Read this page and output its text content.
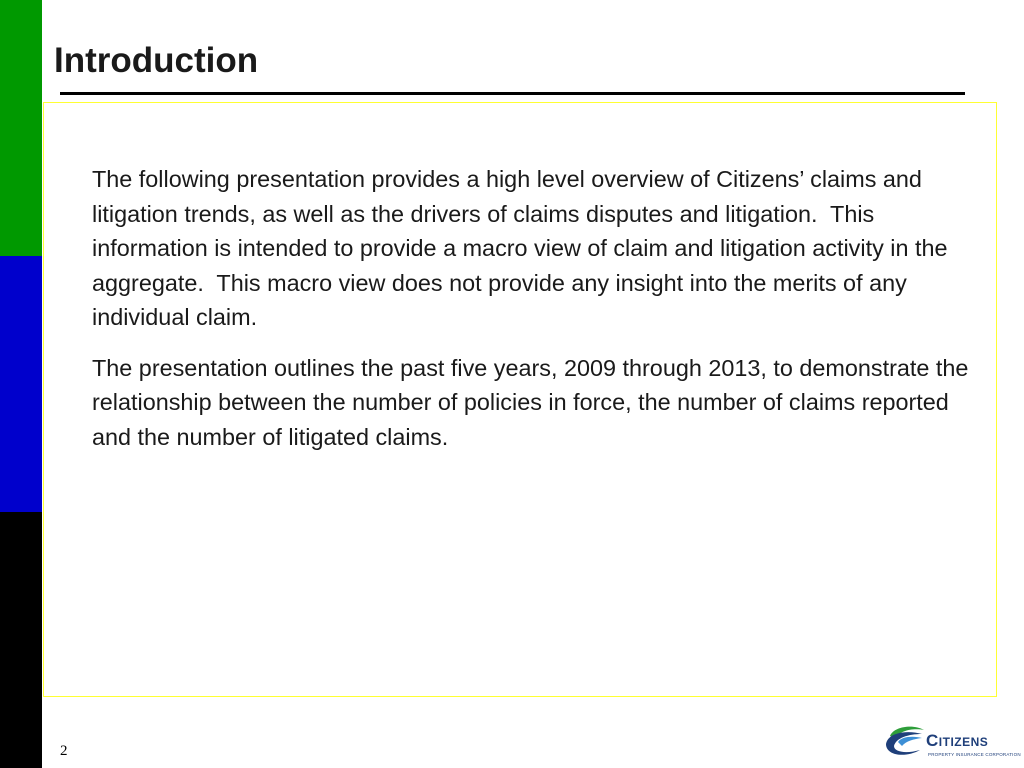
Introduction

The following presentation provides a high level overview of Citizens’ claims and litigation trends, as well as the drivers of claims disputes and litigation.  This information is intended to provide a macro view of claim and litigation activity in the aggregate.  This macro view does not provide any insight into the merits of any individual claim.

The presentation outlines the past five years, 2009 through 2013, to demonstrate the relationship between the number of policies in force, the number of claims reported and the number of litigated claims.

2
Citizens
PROPERTY INSURANCE CORPORATION
